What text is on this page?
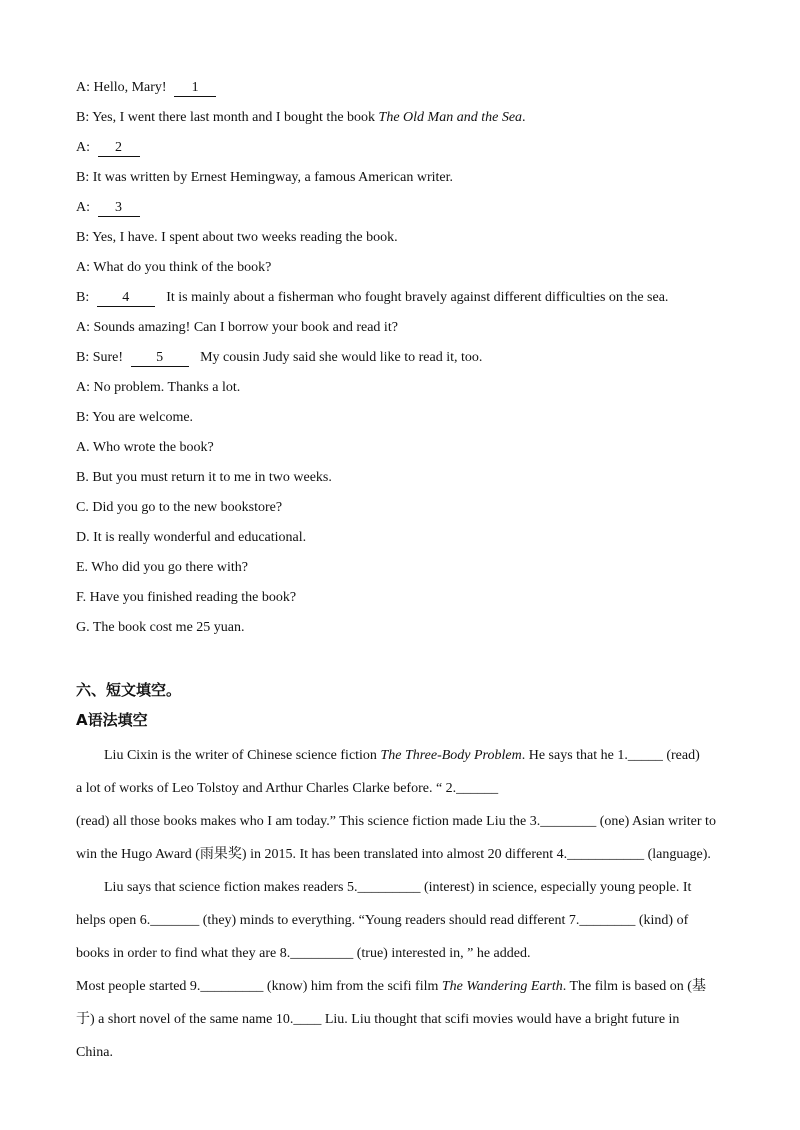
A: Hello, Mary! 1
B: Yes, I went there last month and I bought the book The Old Man and the Sea.
A: 2
B: It was written by Ernest Hemingway, a famous American writer.
A: 3
B: Yes, I have. I spent about two weeks reading the book.
A: What do you think of the book?
B: 4	It is mainly about a fisherman who fought bravely against different difficulties on the sea.
A: Sounds amazing! Can I borrow your book and read it?
B: Sure! 5	My cousin Judy said she would like to read it, too.
A: No problem. Thanks a lot.
B: You are welcome.
A. Who wrote the book?
B. But you must return it to me in two weeks.
C. Did you go to the new bookstore?
D. It is really wonderful and educational.
E. Who did you go there with?
F. Have you finished reading the book?
G. The book cost me 25 yuan.
六、短文填空。
A语法填空
Liu Cixin is the writer of Chinese science fiction The Three-Body Problem. He says that he 1._____ (read)
a lot of works of Leo Tolstoy and Arthur Charles Clarke before. “ 2.______
(read) all those books makes who I am today.” This science fiction made Liu the 3.________ (one) Asian writer to
win the Hugo Award (雨果奖) in 2015. It has been translated into almost 20 different 4.___________ (language).
Liu says that science fiction makes readers 5._________ (interest) in science, especially young people. It
helps open 6._______ (they) minds to everything. “Young readers should read different 7.________ (kind) of
books in order to find what they are 8._________ (true) interested in, ” he added.
Most people started 9._________ (know) him from the scifi film The Wandering Earth. The film is based on (基
于) a short novel of the same name 10.____ Liu. Liu thought that scifi movies would have a bright future in
China.
